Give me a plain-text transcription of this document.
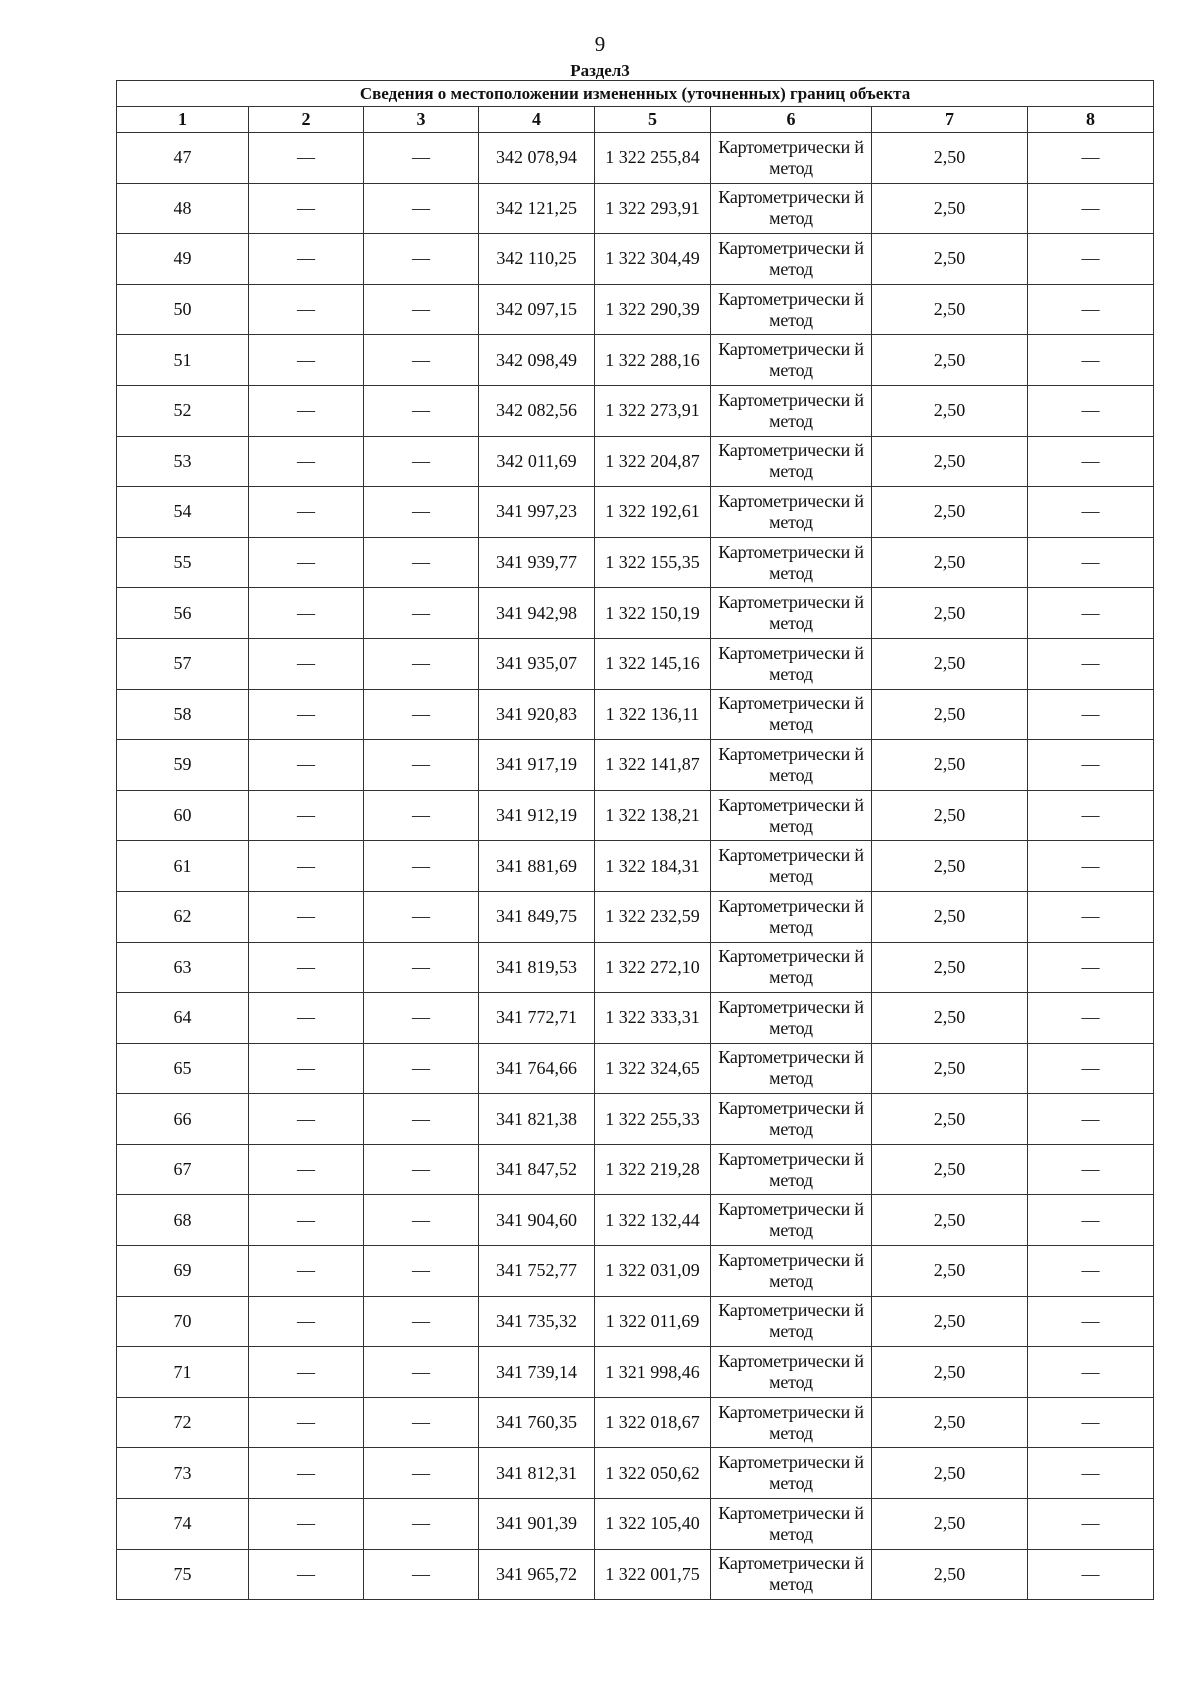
9
Раздел3
Сведения о местоположении измененных (уточненных) границ объекта							
1	2	3	4	5	6	7	8
47	—	—	342 078,94	1 322 255,84	Картометрически й метод	2,50	—
48	—	—	342 121,25	1 322 293,91	Картометрически й метод	2,50	—
49	—	—	342 110,25	1 322 304,49	Картометрически й метод	2,50	—
50	—	—	342 097,15	1 322 290,39	Картометрически й метод	2,50	—
51	—	—	342 098,49	1 322 288,16	Картометрически й метод	2,50	—
52	—	—	342 082,56	1 322 273,91	Картометрически й метод	2,50	—
53	—	—	342 011,69	1 322 204,87	Картометрически й метод	2,50	—
54	—	—	341 997,23	1 322 192,61	Картометрически й метод	2,50	—
55	—	—	341 939,77	1 322 155,35	Картометрически й метод	2,50	—
56	—	—	341 942,98	1 322 150,19	Картометрически й метод	2,50	—
57	—	—	341 935,07	1 322 145,16	Картометрически й метод	2,50	—
58	—	—	341 920,83	1 322 136,11	Картометрически й метод	2,50	—
59	—	—	341 917,19	1 322 141,87	Картометрически й метод	2,50	—
60	—	—	341 912,19	1 322 138,21	Картометрически й метод	2,50	—
61	—	—	341 881,69	1 322 184,31	Картометрически й метод	2,50	—
62	—	—	341 849,75	1 322 232,59	Картометрически й метод	2,50	—
63	—	—	341 819,53	1 322 272,10	Картометрически й метод	2,50	—
64	—	—	341 772,71	1 322 333,31	Картометрически й метод	2,50	—
65	—	—	341 764,66	1 322 324,65	Картометрически й метод	2,50	—
66	—	—	341 821,38	1 322 255,33	Картометрически й метод	2,50	—
67	—	—	341 847,52	1 322 219,28	Картометрически й метод	2,50	—
68	—	—	341 904,60	1 322 132,44	Картометрически й метод	2,50	—
69	—	—	341 752,77	1 322 031,09	Картометрически й метод	2,50	—
70	—	—	341 735,32	1 322 011,69	Картометрически й метод	2,50	—
71	—	—	341 739,14	1 321 998,46	Картометрически й метод	2,50	—
72	—	—	341 760,35	1 322 018,67	Картометрически й метод	2,50	—
73	—	—	341 812,31	1 322 050,62	Картометрически й метод	2,50	—
74	—	—	341 901,39	1 322 105,40	Картометрически й метод	2,50	—
75	—	—	341 965,72	1 322 001,75	Картометрически й метод	2,50	—
